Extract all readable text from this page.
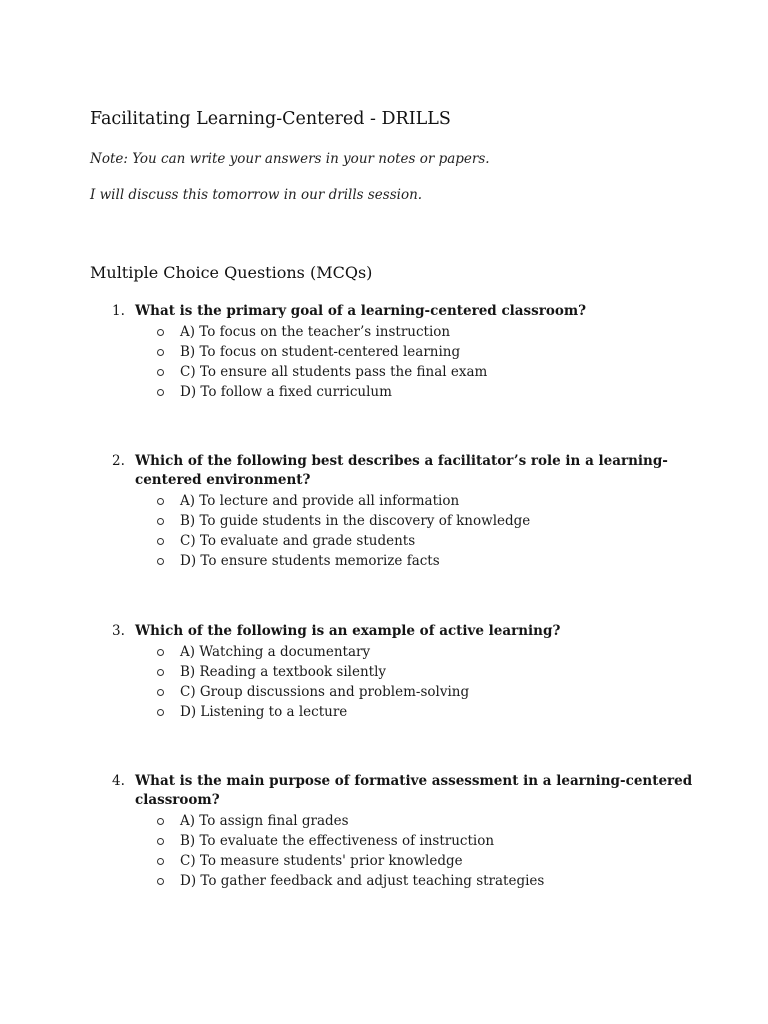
Facilitating Learning-Centered - DRILLS
Note: You can write your answers in your notes or papers.
I will discuss this tomorrow in our drills session.
Multiple Choice Questions (MCQs)
1. What is the primary goal of a learning-centered classroom?
A) To focus on the teacher’s instruction
B) To focus on student-centered learning
C) To ensure all students pass the final exam
D) To follow a fixed curriculum
2. Which of the following best describes a facilitator’s role in a learning-centered environment?
A) To lecture and provide all information
B) To guide students in the discovery of knowledge
C) To evaluate and grade students
D) To ensure students memorize facts
3. Which of the following is an example of active learning?
A) Watching a documentary
B) Reading a textbook silently
C) Group discussions and problem-solving
D) Listening to a lecture
4. What is the main purpose of formative assessment in a learning-centered classroom?
A) To assign final grades
B) To evaluate the effectiveness of instruction
C) To measure students' prior knowledge
D) To gather feedback and adjust teaching strategies
